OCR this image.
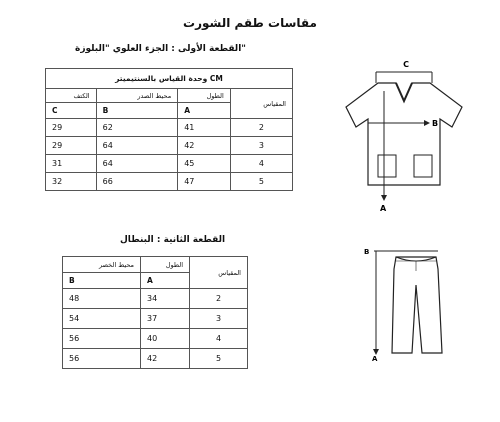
مقاسات طقم الشورت
القطعة الأولى : الجزء العلوي "البلوزة"
وحدة القياس بالسنتيميتر CM			
الكتف	محيط الصدر	الطول	المقياس
C	B	A	
29	62	41	2
29	64	42	3
31	64	45	4
32	66	47	5
C
B
A
القطعة الثانية : البنطال
محيط الخصر	الطول	المقياس
B	A	
48	34	2
54	37	3
56	40	4
56	42	5
B
A
